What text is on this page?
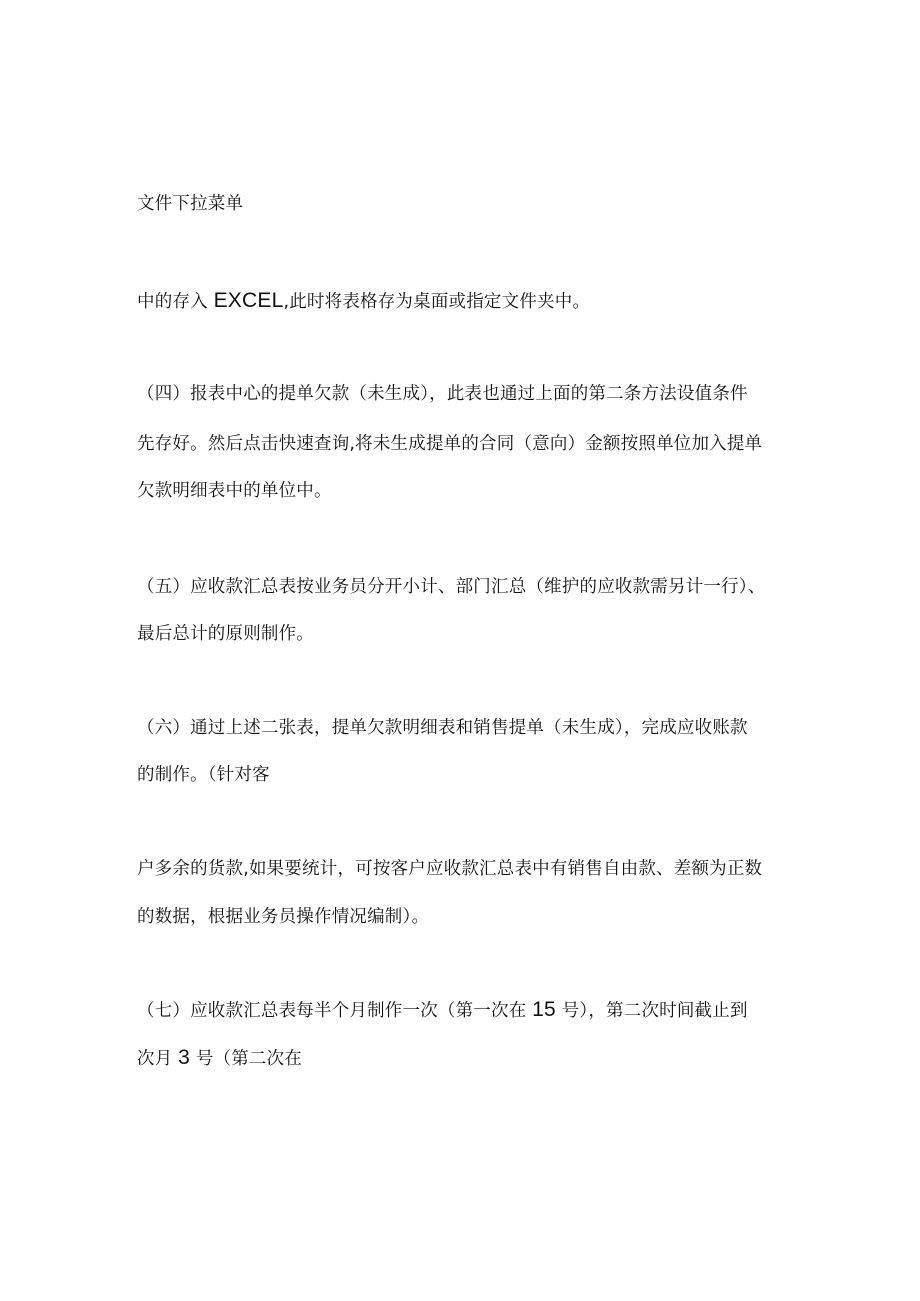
文件下拉菜单
中的存入 EXCEL,此时将表格存为桌面或指定文件夹中。
（四）报表中心的提单欠款（未生成），此表也通过上面的第二条方法设值条件
先存好。然后点击快速查询,将未生成提单的合同（意向）金额按照单位加入提单
欠款明细表中的单位中。
（五）应收款汇总表按业务员分开小计、部门汇总（维护的应收款需另计一行）、
最后总计的原则制作。
（六）通过上述二张表，提单欠款明细表和销售提单（未生成），完成应收账款
的制作。（针对客
户多余的货款,如果要统计，可按客户应收款汇总表中有销售自由款、差额为正数
的数据，根据业务员操作情况编制）。
（七）应收款汇总表每半个月制作一次（第一次在 15 号），第二次时间截止到
次月 3 号（第二次在
